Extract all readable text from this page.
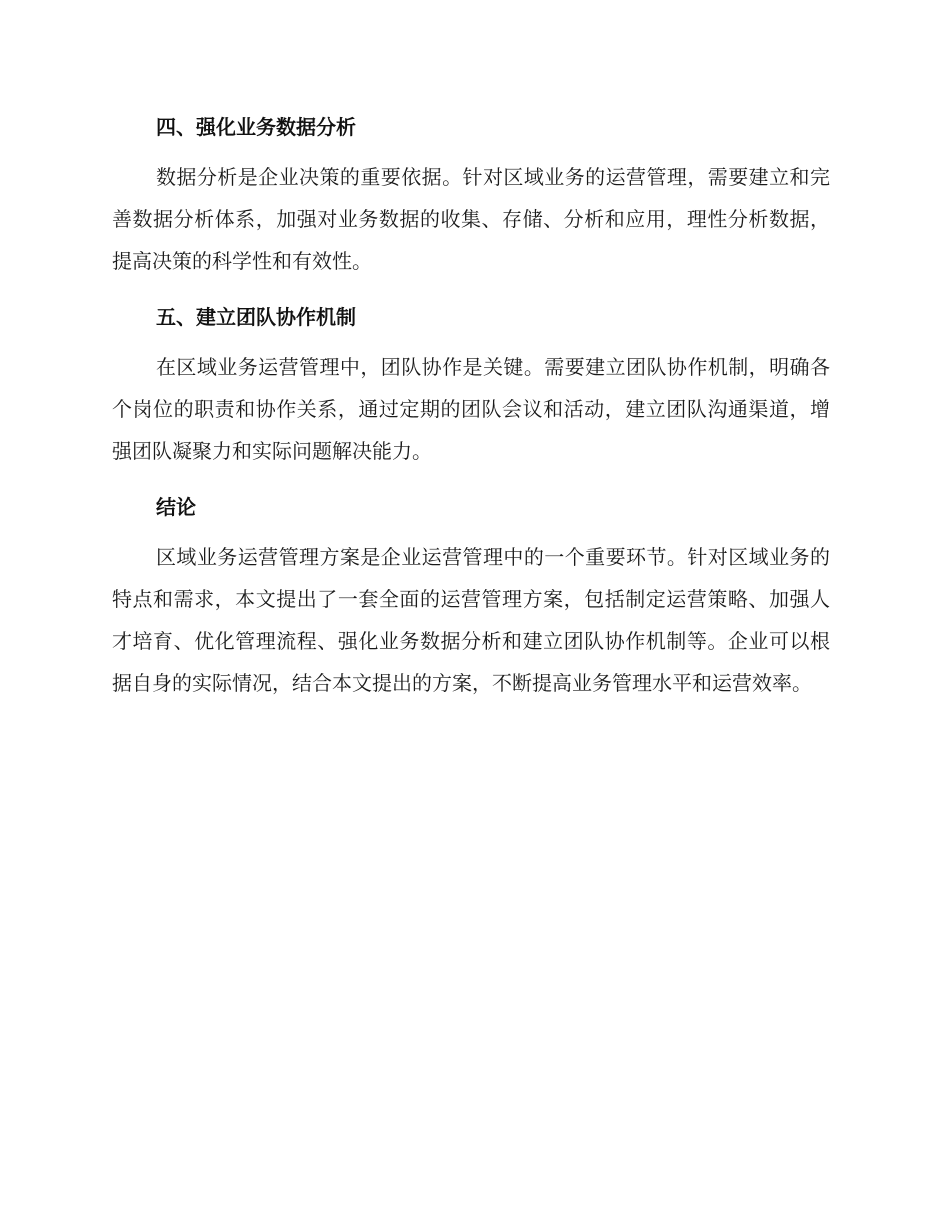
四、强化业务数据分析

数据分析是企业决策的重要依据。针对区域业务的运营管理，需要建立和完善数据分析体系，加强对业务数据的收集、存储、分析和应用，理性分析数据，提高决策的科学性和有效性。

五、建立团队协作机制

在区域业务运营管理中，团队协作是关键。需要建立团队协作机制，明确各个岗位的职责和协作关系，通过定期的团队会议和活动，建立团队沟通渠道，增强团队凝聚力和实际问题解决能力。

结论

区域业务运营管理方案是企业运营管理中的一个重要环节。针对区域业务的特点和需求，本文提出了一套全面的运营管理方案，包括制定运营策略、加强人才培育、优化管理流程、强化业务数据分析和建立团队协作机制等。企业可以根据自身的实际情况，结合本文提出的方案，不断提高业务管理水平和运营效率。
